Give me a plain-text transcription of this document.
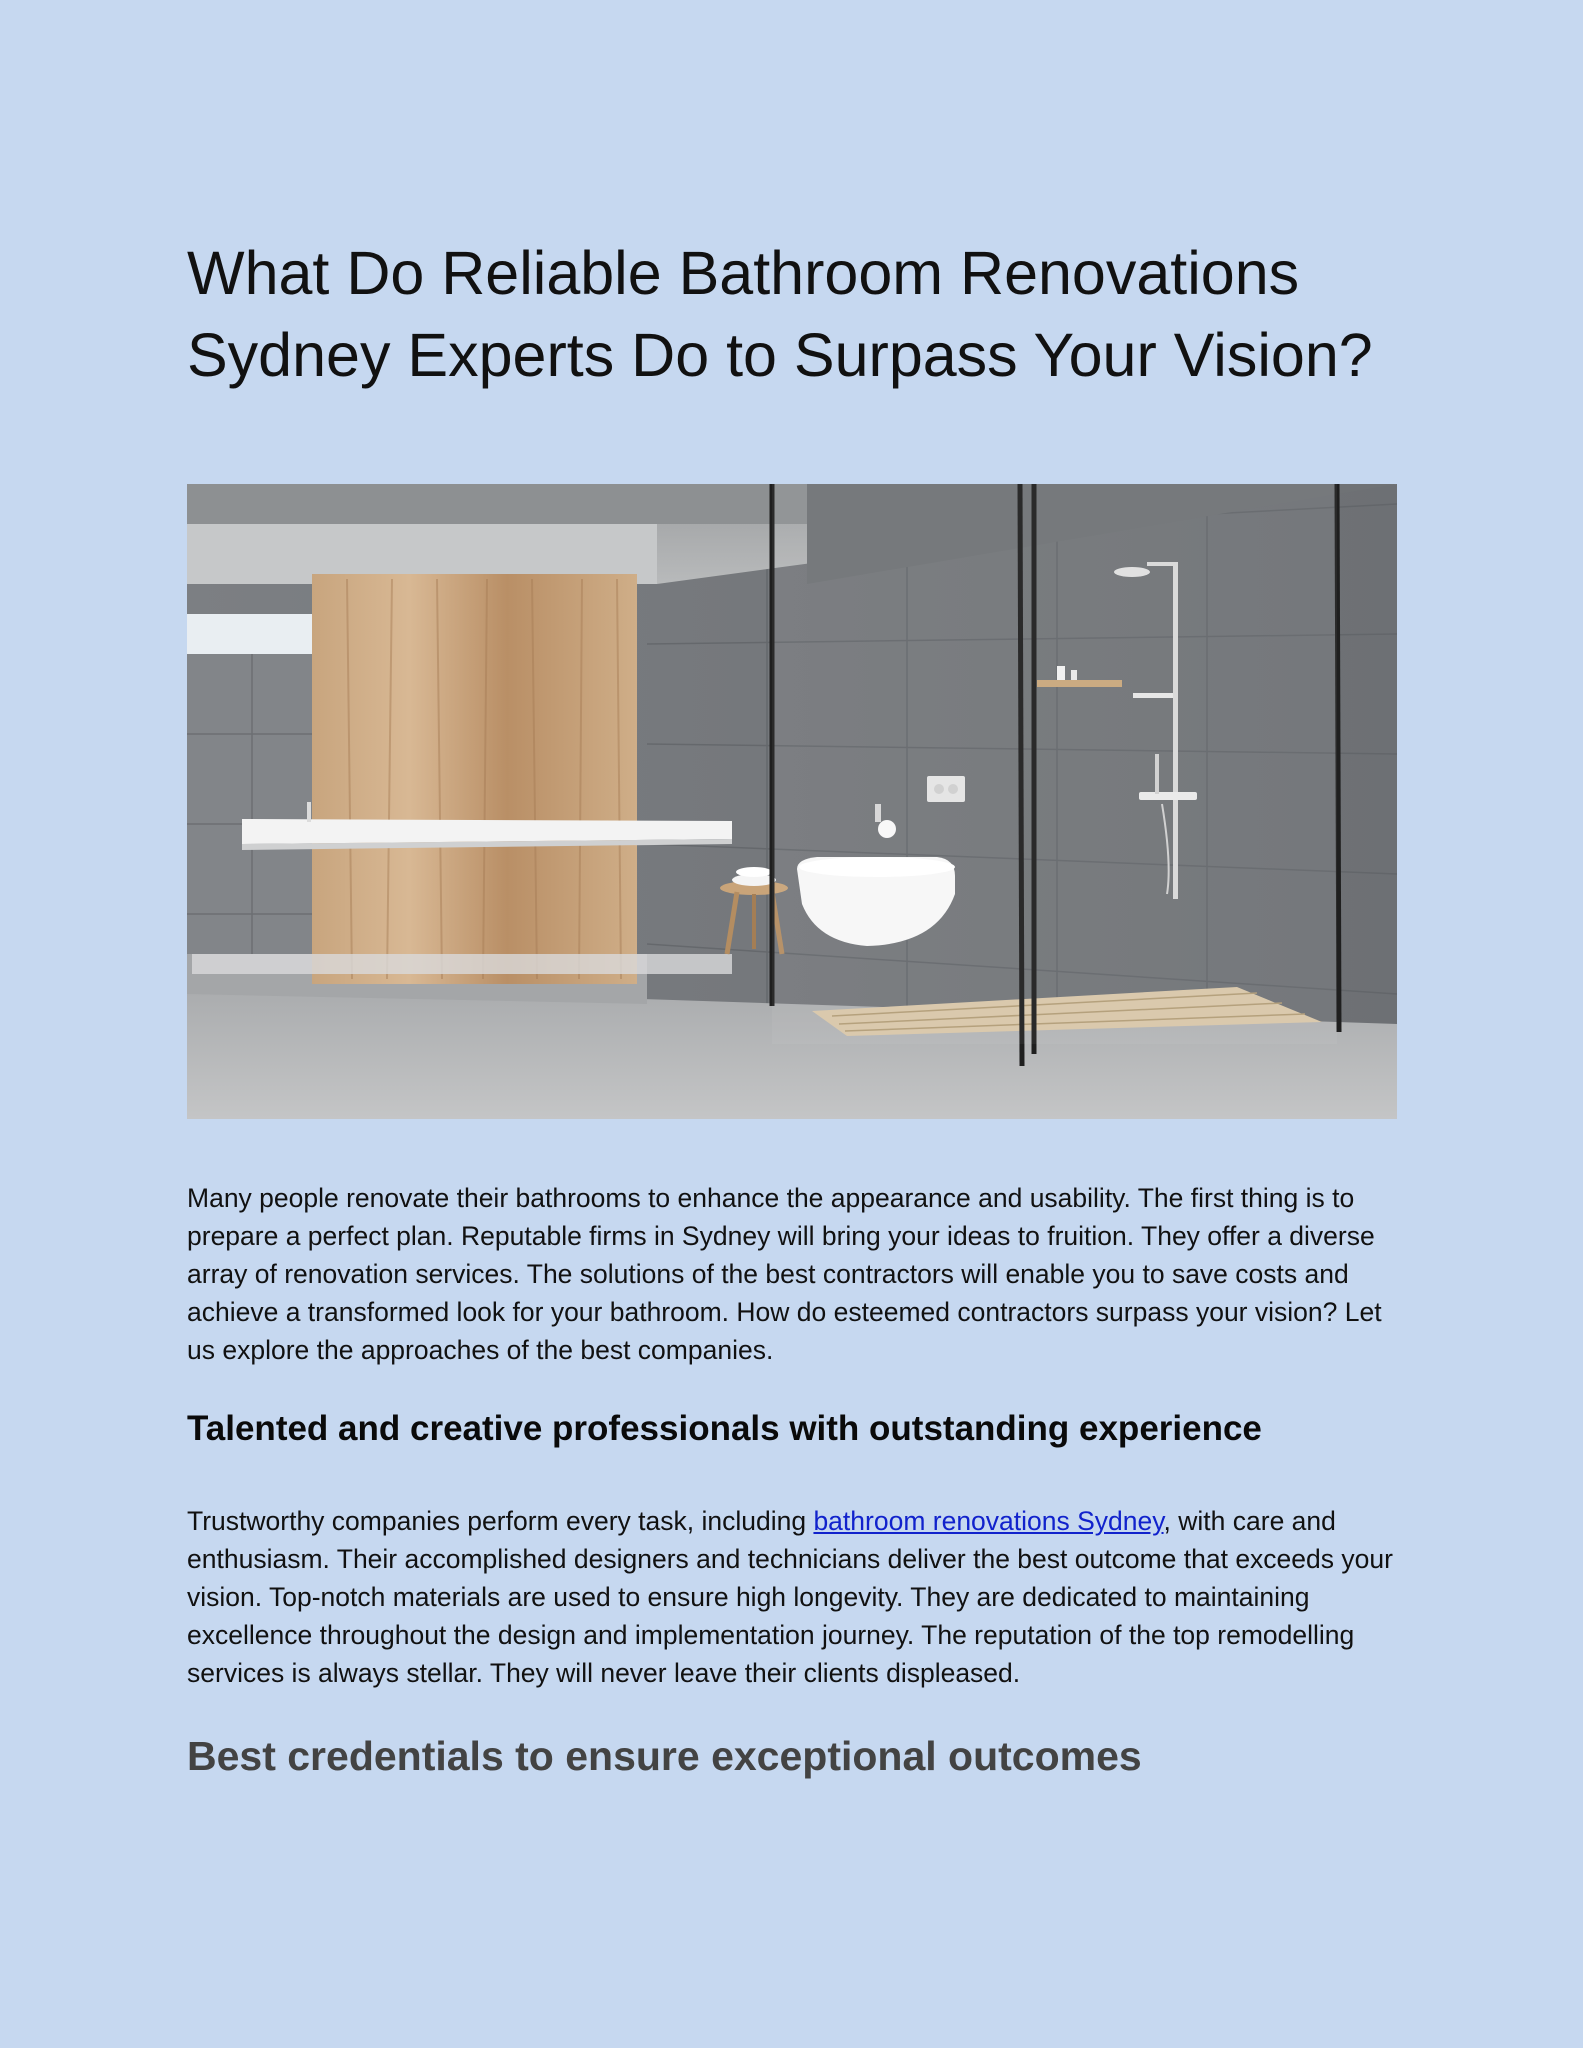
What Do Reliable Bathroom Renovations Sydney Experts Do to Surpass Your Vision?

Many people renovate their bathrooms to enhance the appearance and usability. The first thing is to prepare a perfect plan. Reputable firms in Sydney will bring your ideas to fruition. They offer a diverse array of renovation services. The solutions of the best contractors will enable you to save costs and achieve a transformed look for your bathroom. How do esteemed contractors surpass your vision? Let us explore the approaches of the best companies.

Talented and creative professionals with outstanding experience

Trustworthy companies perform every task, including bathroom renovations Sydney, with care and enthusiasm. Their accomplished designers and technicians deliver the best outcome that exceeds your vision. Top-notch materials are used to ensure high longevity. They are dedicated to maintaining excellence throughout the design and implementation journey. The reputation of the top remodelling services is always stellar. They will never leave their clients displeased.

Best credentials to ensure exceptional outcomes
